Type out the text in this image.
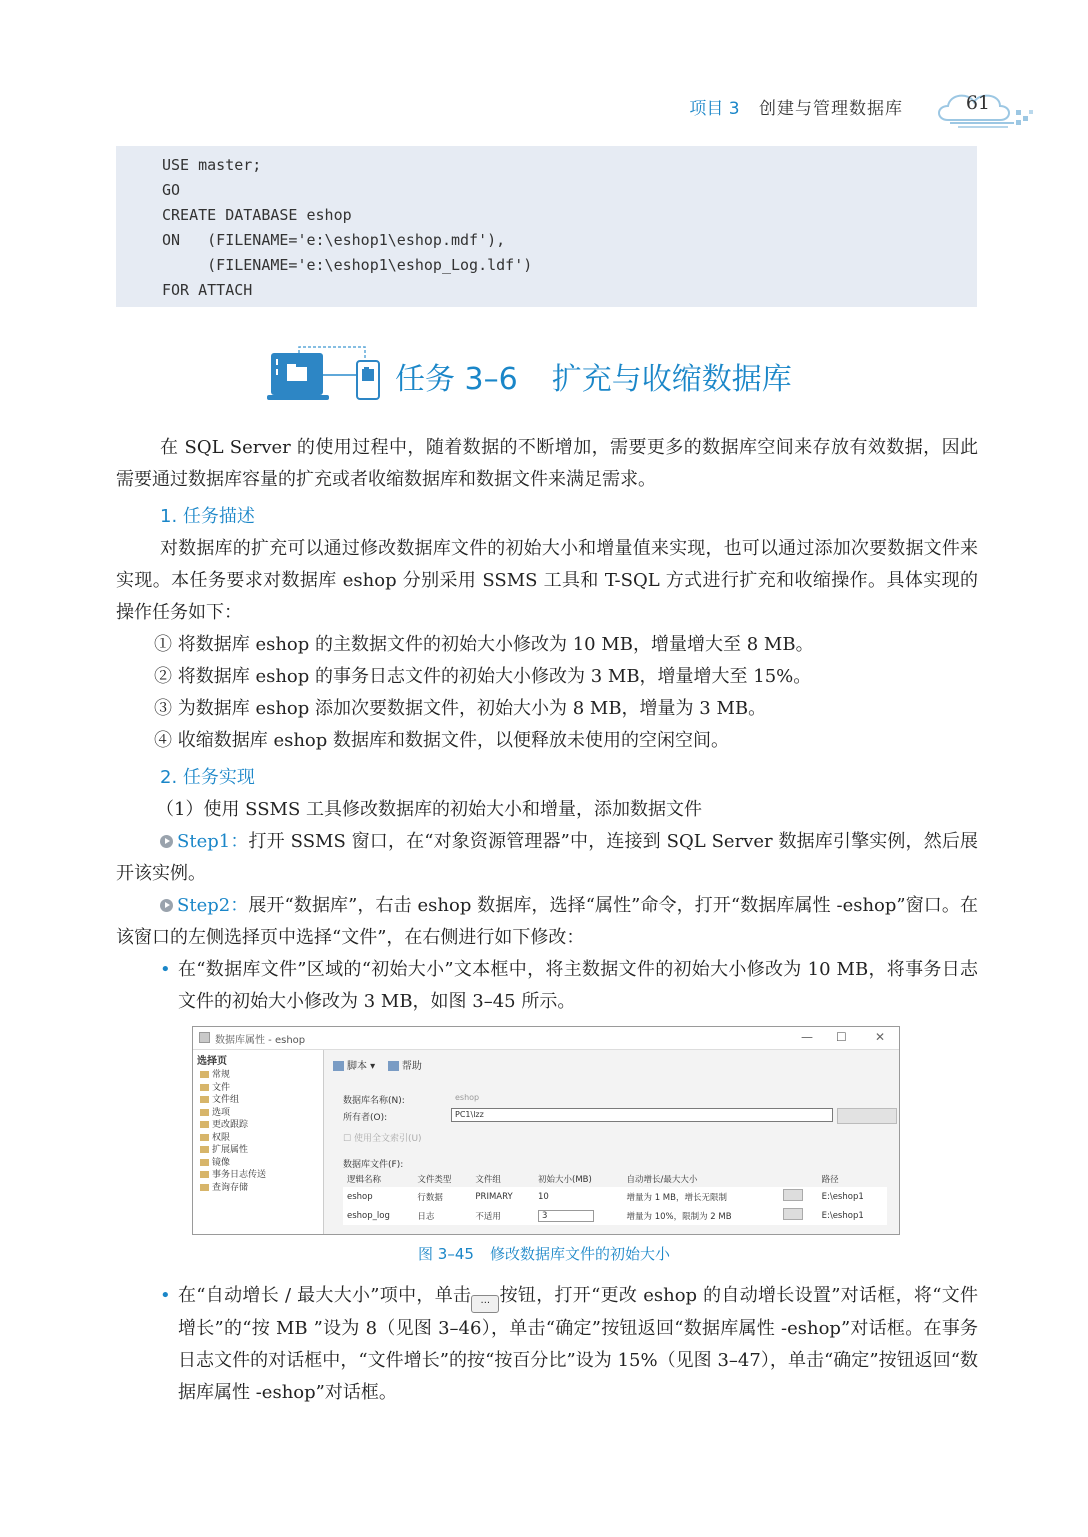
项目 3 创建与管理数据库	61
USE master;
GO
CREATE DATABASE eshop
ON   (FILENAME='e:\eshop1\eshop.mdf'),
(FILENAME='e:\eshop1\eshop_Log.ldf')
FOR ATTACH
任务 3–6 扩充与收缩数据库

在 SQL Server 的使用过程中，随着数据的不断增加，需要更多的数据库空间来存放有效数据，因此需要通过数据库容量的扩充或者收缩数据库和数据文件来满足需求。

1. 任务描述

对数据库的扩充可以通过修改数据库文件的初始大小和增量值来实现，也可以通过添加次要数据文件来实现。本任务要求对数据库 eshop 分别采用 SSMS 工具和 T-SQL 方式进行扩充和收缩操作。具体实现的操作任务如下：

① 将数据库 eshop 的主数据文件的初始大小修改为 10 MB，增量增大至 8 MB。

② 将数据库 eshop 的事务日志文件的初始大小修改为 3 MB，增量增大至 15%。

③ 为数据库 eshop 添加次要数据文件，初始大小为 8 MB，增量为 3 MB。

④ 收缩数据库 eshop 数据库和数据文件，以便释放未使用的空闲空间。

2. 任务实现

（1）使用 SSMS 工具修改数据库的初始大小和增量，添加数据文件

Step1：打开 SSMS 窗口，在“对象资源管理器”中，连接到 SQL Server 数据库引擎实例，然后展开该实例。

Step2：展开“数据库”，右击 eshop 数据库，选择“属性”命令，打开“数据库属性 -eshop”窗口。在该窗口的左侧选择页中选择“文件”，在右侧进行如下修改：

• 在“数据库文件”区域的“初始大小”文本框中，将主数据文件的初始大小修改为 10 MB，将事务日志文件的初始大小修改为 3 MB，如图 3–45 所示。

数据库属性 - eshop	— ☐ ✕
选择页
常规
文件
文件组
选项
更改跟踪
权限
扩展属性
镜像
事务日志传送
查询存储
脚本 ▾	帮助
数据库名称(N):	eshop
所有者(O):	PC1\lzz
☐ 使用全文索引(U)
数据库文件(F):
逻辑名称	文件类型	文件组	初始大小(MB)	自动增长/最大大小		路径
eshop	行数据	PRIMARY	10	增量为 1 MB，增长无限制		E:\eshop1
eshop_log	日志	不适用	3	增量为 10%，限制为 2 MB		E:\eshop1
图 3–45 修改数据库文件的初始大小
• 在“自动增长 / 最大大小”项中，单击 ... 按钮，打开“更改 eshop 的自动增长设置”对话框，将“文件增长”的“按 MB ”设为 8（见图 3–46），单击“确定”按钮返回“数据库属性 -eshop”对话框。在事务日志文件的对话框中，“文件增长”的按“按百分比”设为 15%（见图 3–47），单击“确定”按钮返回“数据库属性 -eshop”对话框。
